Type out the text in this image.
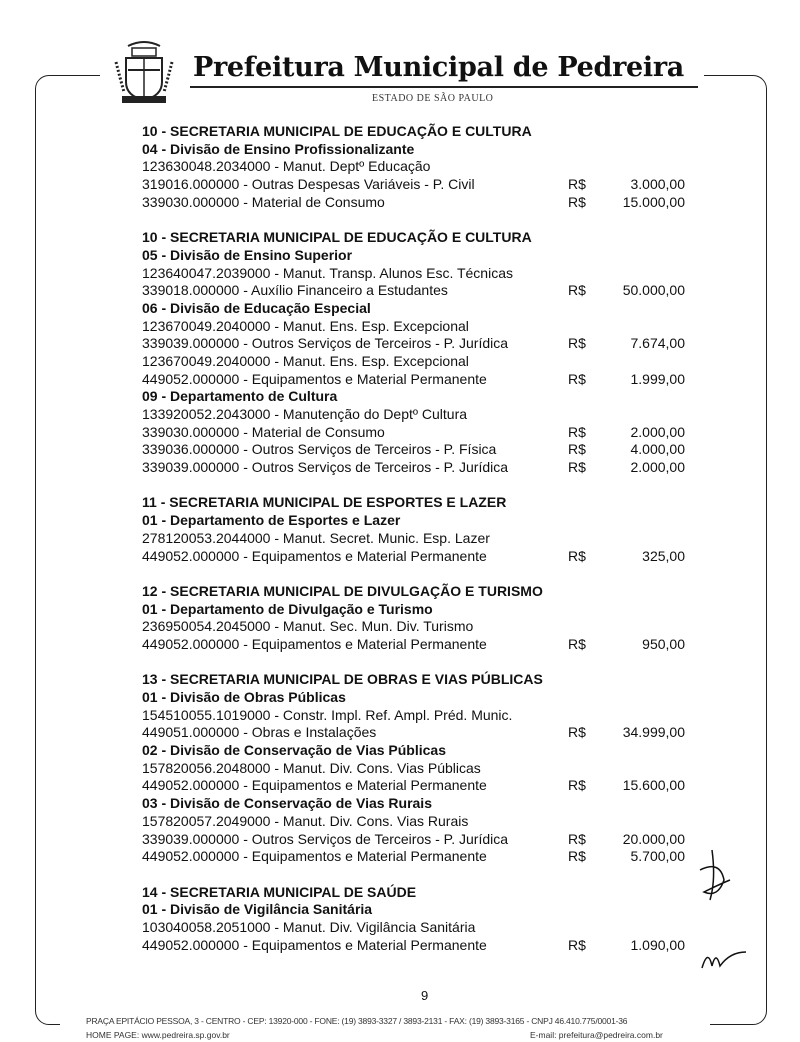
Prefeitura Municipal de Pedreira
ESTADO DE SÃO PAULO
10 - SECRETARIA MUNICIPAL DE EDUCAÇÃO E CULTURA
04 - Divisão de Ensino Profissionalizante
123630048.2034000 - Manut. Deptº Educação
319016.000000 - Outras Despesas Variáveis - P. Civil	R$	3.000,00
339030.000000 - Material de Consumo	R$	15.000,00
10 - SECRETARIA MUNICIPAL DE EDUCAÇÃO E CULTURA
05 - Divisão de Ensino Superior
123640047.2039000 - Manut. Transp. Alunos Esc. Técnicas
339018.000000 - Auxílio Financeiro a Estudantes	R$	50.000,00
06 - Divisão de Educação Especial
123670049.2040000 - Manut. Ens. Esp. Excepcional
339039.000000 - Outros Serviços de Terceiros - P. Jurídica	R$	7.674,00
123670049.2040000 - Manut. Ens. Esp. Excepcional
449052.000000 - Equipamentos e Material Permanente	R$	1.999,00
09 - Departamento de Cultura
133920052.2043000 - Manutenção do Deptº Cultura
339030.000000 - Material de Consumo	R$	2.000,00
339036.000000 - Outros Serviços de Terceiros - P. Física	R$	4.000,00
339039.000000 - Outros Serviços de Terceiros - P. Jurídica	R$	2.000,00
11 - SECRETARIA MUNICIPAL DE ESPORTES E LAZER
01 - Departamento de Esportes e Lazer
278120053.2044000 - Manut. Secret. Munic. Esp. Lazer
449052.000000 - Equipamentos e Material Permanente	R$	325,00
12 - SECRETARIA MUNICIPAL DE DIVULGAÇÃO E TURISMO
01 - Departamento de Divulgação e Turismo
236950054.2045000 - Manut. Sec. Mun. Div. Turismo
449052.000000 - Equipamentos e Material Permanente	R$	950,00
13 - SECRETARIA MUNICIPAL DE OBRAS E VIAS PÚBLICAS
01 - Divisão de Obras Públicas
154510055.1019000 - Constr. Impl. Ref. Ampl. Préd. Munic.
449051.000000 - Obras e Instalações	R$	34.999,00
02 - Divisão de Conservação de Vias Públicas
157820056.2048000 - Manut. Div. Cons. Vias Públicas
449052.000000 - Equipamentos e Material Permanente	R$	15.600,00
03 - Divisão de Conservação de Vias Rurais
157820057.2049000 - Manut. Div. Cons. Vias Rurais
339039.000000 - Outros Serviços de Terceiros - P. Jurídica	R$	20.000,00
449052.000000 - Equipamentos e Material Permanente	R$	5.700,00
14 - SECRETARIA MUNICIPAL DE SAÚDE
01 - Divisão de Vigilância Sanitária
103040058.2051000 - Manut. Div. Vigilância Sanitária
449052.000000 - Equipamentos e Material Permanente	R$	1.090,00
9
PRAÇA EPITÁCIO PESSOA, 3 - CENTRO - CEP: 13920-000 - FONE: (19) 3893-3327 / 3893-2131 - FAX: (19) 3893-3165 - CNPJ 46.410.775/0001-36
HOME PAGE: www.pedreira.sp.gov.br	E-mail: prefeitura@pedreira.com.br
